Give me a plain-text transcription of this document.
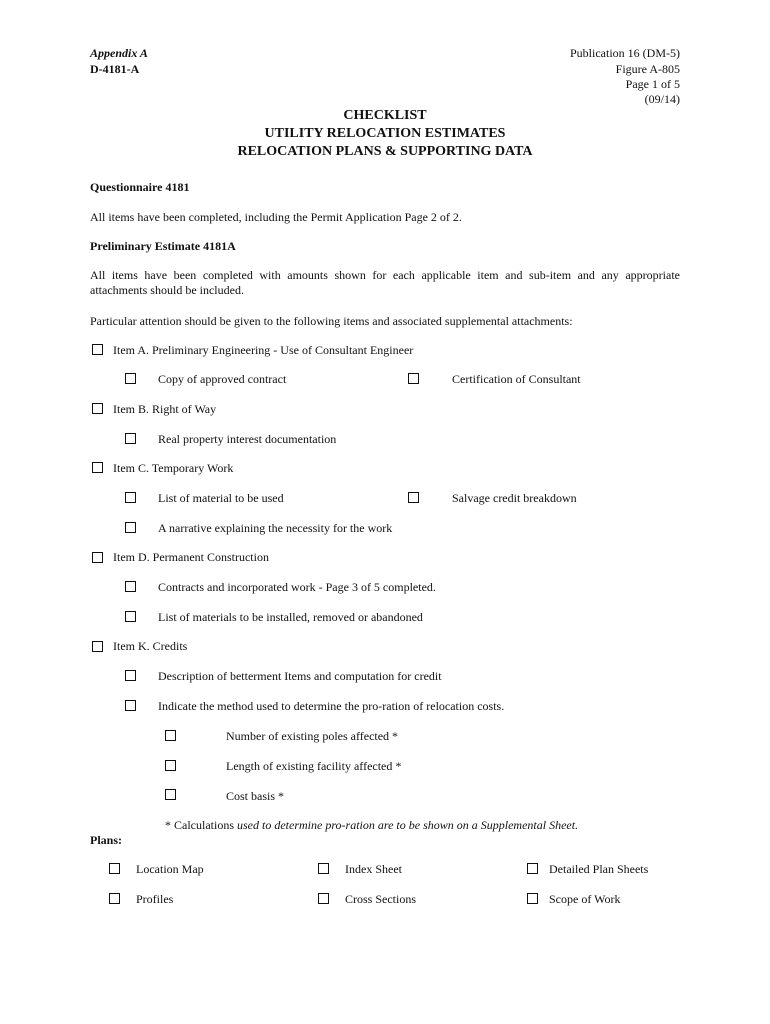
Appendix A
D-4181-A
Publication 16 (DM-5)
Figure A-805
Page 1 of 5
(09/14)
CHECKLIST
UTILITY RELOCATION ESTIMATES
RELOCATION PLANS & SUPPORTING DATA
Questionnaire 4181
All items have been completed, including the Permit Application Page 2 of 2.
Preliminary Estimate 4181A
All items have been completed with amounts shown for each applicable item and sub-item and any appropriate attachments should be included.
Particular attention should be given to the following items and associated supplemental attachments:
Item A. Preliminary Engineering - Use of Consultant Engineer
Copy of approved contract	Certification of Consultant
Item B. Right of Way
Real property interest documentation
Item C. Temporary Work
List of material to be used	Salvage credit breakdown
A narrative explaining the necessity for the work
Item D. Permanent Construction
Contracts and incorporated work - Page 3 of 5 completed.
List of materials to be installed, removed or abandoned
Item K. Credits
Description of betterment Items and computation for credit
Indicate the method used to determine the pro-ration of relocation costs.
Number of existing poles affected *
Length of existing facility affected *
Cost basis *
* Calculations used to determine pro-ration are to be shown on a Supplemental Sheet.
Plans:
Location Map	Index Sheet	Detailed Plan Sheets
Profiles	Cross Sections	Scope of Work
